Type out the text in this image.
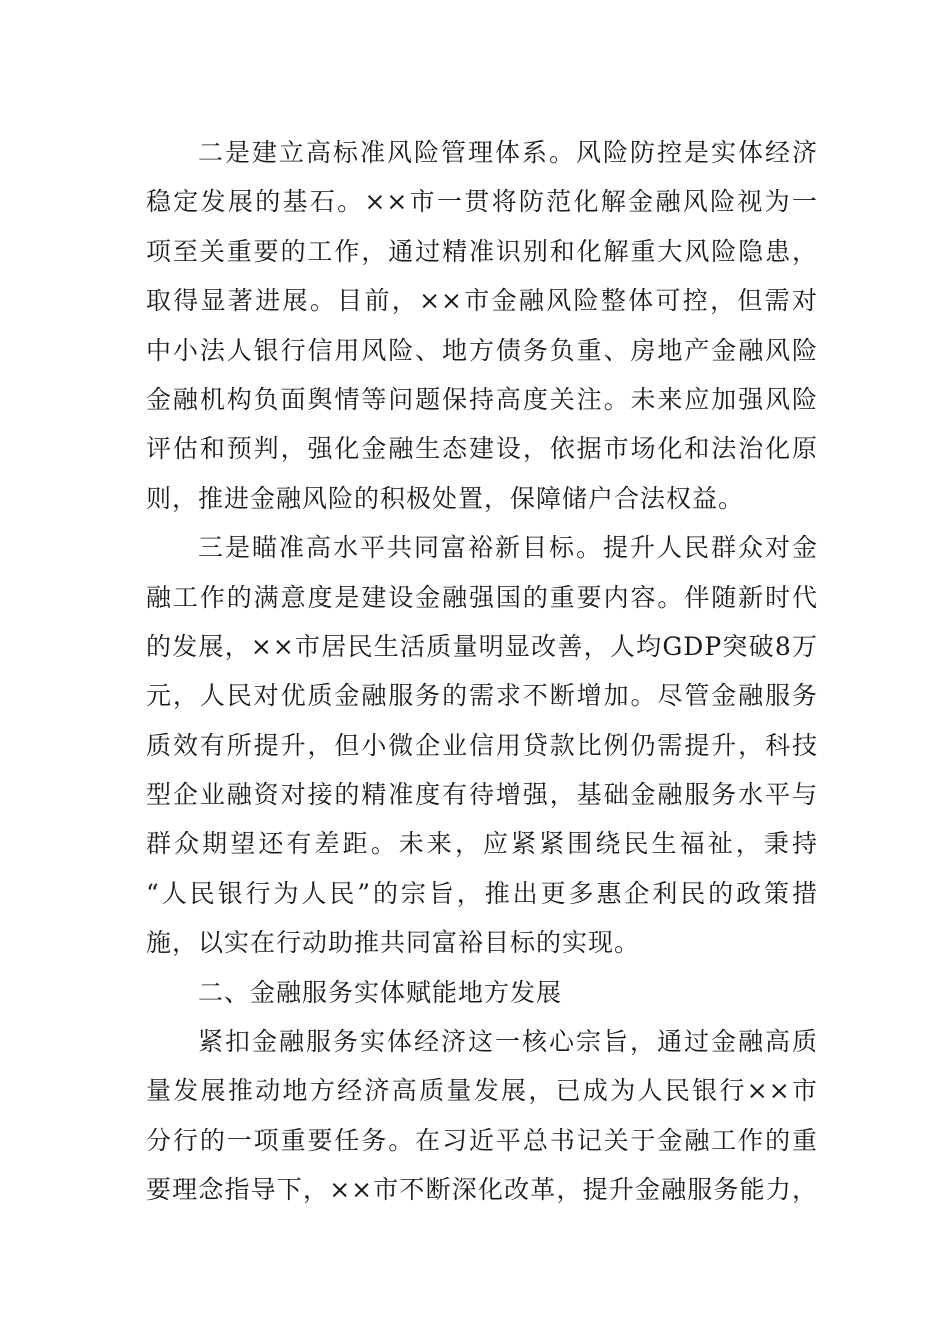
二是建立高标准风险管理体系。风险防控是实体经济
稳定发展的基石。××市一贯将防范化解金融风险视为一
项至关重要的工作，通过精准识别和化解重大风险隐患，
取得显著进展。目前，××市金融风险整体可控，但需对
中小法人银行信用风险、地方债务负重、房地产金融风险
金融机构负面舆情等问题保持高度关注。未来应加强风险
评估和预判，强化金融生态建设，依据市场化和法治化原
则，推进金融风险的积极处置，保障储户合法权益。
三是瞄准高水平共同富裕新目标。提升人民群众对金
融工作的满意度是建设金融强国的重要内容。伴随新时代
的发展，××市居民生活质量明显改善，人均GDP突破8万
元，人民对优质金融服务的需求不断增加。尽管金融服务
质效有所提升，但小微企业信用贷款比例仍需提升，科技
型企业融资对接的精准度有待增强，基础金融服务水平与
群众期望还有差距。未来，应紧紧围绕民生福祉，秉持
“人民银行为人民”的宗旨，推出更多惠企利民的政策措
施，以实在行动助推共同富裕目标的实现。
二、金融服务实体赋能地方发展
紧扣金融服务实体经济这一核心宗旨，通过金融高质
量发展推动地方经济高质量发展，已成为人民银行××市
分行的一项重要任务。在习近平总书记关于金融工作的重
要理念指导下，××市不断深化改革，提升金融服务能力，
